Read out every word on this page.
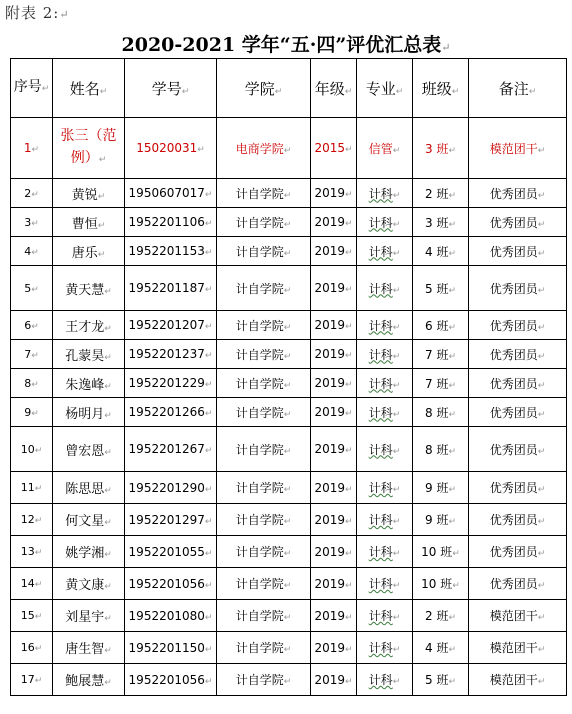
附表 2:↵
2020-2021 学年“五·四”评优汇总表↵
序号↵	姓名↵	学号↵	学院↵	年级↵	专业↵	班级↵	备注↵
1↵	张三（范例）↵	15020031↵	电商学院↵	2015↵	信管↵	3 班↵	模范团干↵
2↵	黄锐↵	1950607017↵	计自学院↵	2019↵	计科↵	2 班↵	优秀团员↵
3↵	曹恒↵	1952201106↵	计自学院↵	2019↵	计科↵	3 班↵	优秀团员↵
4↵	唐乐↵	1952201153↵	计自学院↵	2019↵	计科↵	4 班↵	优秀团员↵
5↵	黄天慧↵	1952201187↵	计自学院↵	2019↵	计科↵	5 班↵	优秀团员↵
6↵	王才龙↵	1952201207↵	计自学院↵	2019↵	计科↵	6 班↵	优秀团员↵
7↵	孔蒙昊↵	1952201237↵	计自学院↵	2019↵	计科↵	7 班↵	优秀团员↵
8↵	朱逸峰↵	1952201229↵	计自学院↵	2019↵	计科↵	7 班↵	优秀团员↵
9↵	杨明月↵	1952201266↵	计自学院↵	2019↵	计科↵	8 班↵	优秀团员↵
10↵	曾宏恩↵	1952201267↵	计自学院↵	2019↵	计科↵	8 班↵	优秀团员↵
11↵	陈思思↵	1952201290↵	计自学院↵	2019↵	计科↵	9 班↵	优秀团员↵
12↵	何文星↵	1952201297↵	计自学院↵	2019↵	计科↵	9 班↵	优秀团员↵
13↵	姚学湘↵	1952201055↵	计自学院↵	2019↵	计科↵	10 班↵	优秀团员↵
14↵	黄文康↵	1952201056↵	计自学院↵	2019↵	计科↵	10 班↵	优秀团员↵
15↵	刘星宇↵	1952201080↵	计自学院↵	2019↵	计科↵	2 班↵	模范团干↵
16↵	唐生智↵	1952201150↵	计自学院↵	2019↵	计科↵	4 班↵	模范团干↵
17↵	鲍展慧↵	1952201056↵	计自学院↵	2019↵	计科↵	5 班↵	模范团干↵
